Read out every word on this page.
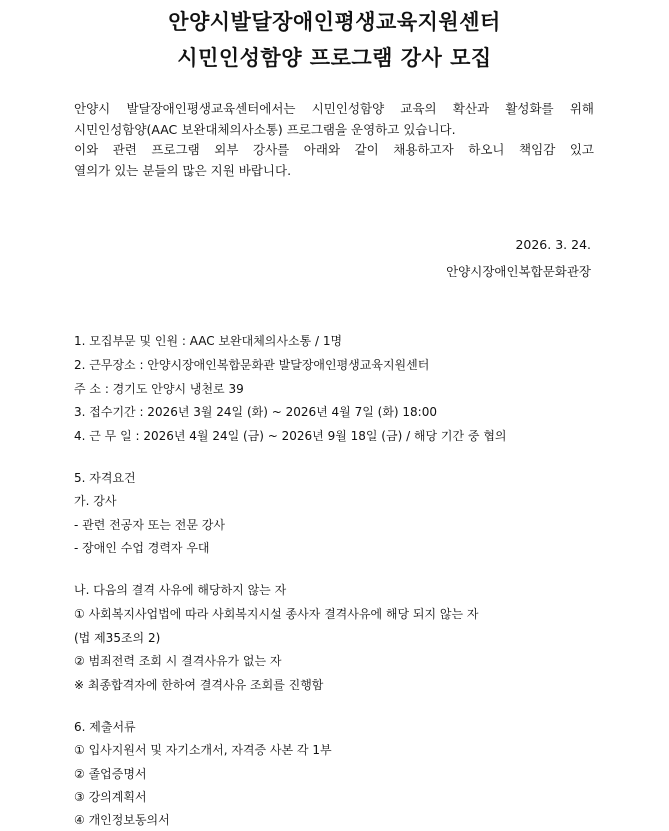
안양시발달장애인평생교육지원센터
시민인성함양 프로그램 강사 모집

안양시 발달장애인평생교육센터에서는 시민인성함양 교육의 확산과 활성화를 위해

시민인성함양(AAC 보완대체의사소통) 프로그램을 운영하고 있습니다.

이와 관련 프로그램 외부 강사를 아래와 같이 채용하고자 하오니 책임감 있고

열의가 있는 분들의 많은 지원 바랍니다.

2026. 3. 24.
안양시장애인복합문화관장
1. 모집부문 및 인원 : AAC 보완대체의사소통 / 1명
2. 근무장소 : 안양시장애인복합문화관 발달장애인평생교육지원센터
주 소 : 경기도 안양시 냉천로 39
3. 접수기간 : 2026년 3월 24일 (화) ~ 2026년 4월 7일 (화) 18:00
4. 근 무 일 : 2026년 4월 24일 (금) ~ 2026년 9월 18일 (금) / 해당 기간 중 협의
5. 자격요건
가. 강사
- 관련 전공자 또는 전문 강사
- 장애인 수업 경력자 우대
나. 다음의 결격 사유에 해당하지 않는 자
① 사회복지사업법에 따라 사회복지시설 종사자 결격사유에 해당 되지 않는 자
(법 제35조의 2)
② 범죄전력 조회 시 결격사유가 없는 자
※ 최종합격자에 한하여 결격사유 조회를 진행함
6. 제출서류
① 입사지원서 및 자기소개서, 자격증 사본 각 1부
② 졸업증명서
③ 강의계획서
④ 개인정보동의서
